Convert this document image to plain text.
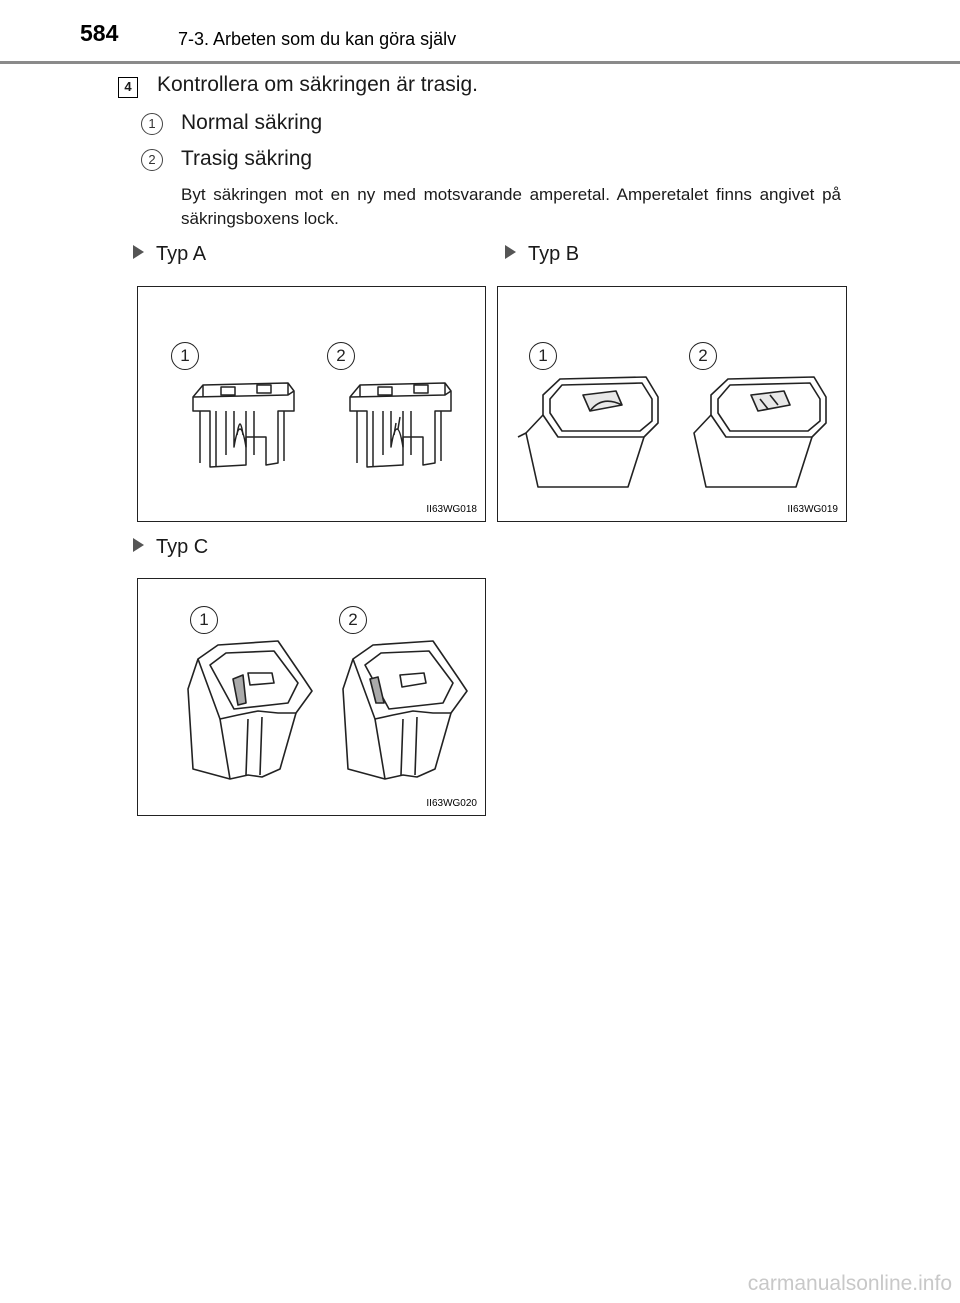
584	7-3. Arbeten som du kan göra själv
4	Kontrollera om säkringen är trasig.
1	Normal säkring
2	Trasig säkring
Byt säkringen mot en ny med motsvarande amperetal. Amperetalet finns angivet på säkringsboxens lock.
Typ A	Typ B
Typ C
1	2
II63WG018
1	2
II63WG019
1	2
II63WG020
carmanualsonline.info
